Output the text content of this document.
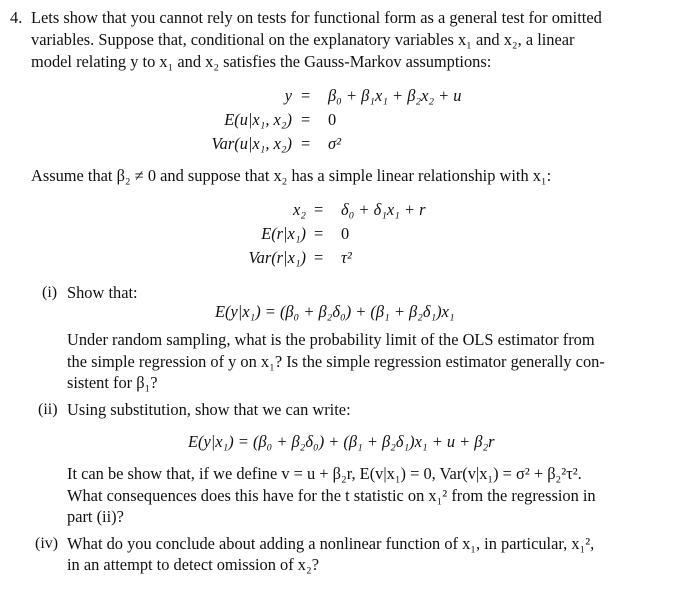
4. Lets show that you cannot rely on tests for functional form as a general test for omitted
variables. Suppose that, conditional on the explanatory variables x₁ and x₂, a linear
model relating y to x₁ and x₂ satisfies the Gauss-Markov assumptions:
y = β₀ + β₁x₁ + β₂x₂ + u
E(u|x₁, x₂) = 0
Var(u|x₁, x₂) = σ²
Assume that β₂ ≠ 0 and suppose that x₂ has a simple linear relationship with x₁:
x₂ = δ₀ + δ₁x₁ + r
E(r|x₁) = 0
Var(r|x₁) = τ²
(i) Show that:
E(y|x₁) = (β₀ + β₂δ₀) + (β₁ + β₂δ₁)x₁
Under random sampling, what is the probability limit of the OLS estimator from
the simple regression of y on x₁? Is the simple regression estimator generally con-
sistent for β₁?
(ii) Using substitution, show that we can write:
E(y|x₁) = (β₀ + β₂δ₀) + (β₁ + β₂δ₁)x₁ + u + β₂r
It can be show that, if we define v = u + β₂r, E(v|x₁) = 0, Var(v|x₁) = σ² + β₂²τ².
What consequences does this have for the t statistic on x₁² from the regression in
part (ii)?
(iv) What do you conclude about adding a nonlinear function of x₁, in particular, x₁²,
in an attempt to detect omission of x₂?
